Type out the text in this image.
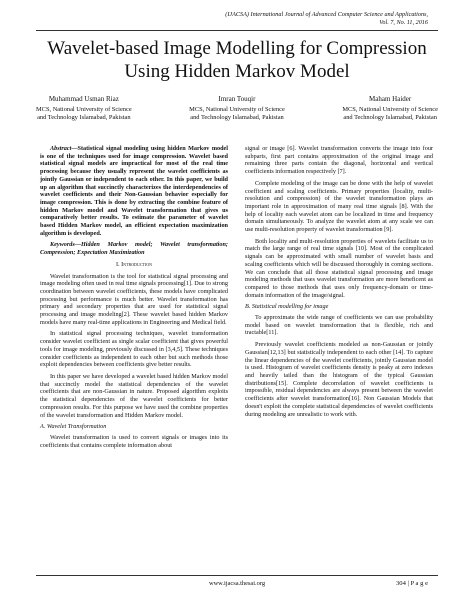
(IJACSA) International Journal of Advanced Computer Science and Applications,
Vol. 7, No. 11, 2016
Wavelet-based Image Modelling for Compression
Using Hidden Markov Model
Muhammad Usman Riaz
MCS, National University of Science
and Technology Islamabad, Pakistan
Imran Touqir
MCS, National University of Science
and Technology Islamabad, Pakistan
Maham Haider
MCS, National University of Science
and Technology Islamabad, Pakistan

Abstract—Statistical signal modeling using hidden Markov model is one of the techniques used for image compression. Wavelet based statistical signal models are impractical for most of the real time processing because they usually represent the wavelet coefficients as jointly Gaussian or independent to each other. In this paper, we build up an algorithm that succinctly characterizes the interdependencies of wavelet coefficients and their Non-Gaussian behavior especially for image compression. This is done by extracting the combine feature of hidden Markov model and Wavelet transformation that gives us comparatively better results. To estimate the parameter of wavelet based Hidden Markov model, an efficient expectation maximization algorithm is developed.

Keywords—Hidden Markov model; Wavelet transformation; Compression; Expectation Maximization

I. Introduction

Wavelet transformation is the tool for statistical signal processing and image modeling often used in real time signals processing[1]. Due to strong coordination between wavelet coefficients, these models have complicated processing but performance is much better. Wavelet transformation has primary and secondary properties that are used for statistical signal processing and image modeling[2]. These wavelet based hidden Markov models have many real-time applications in Engineering and Medical field.

In statistical signal processing techniques, wavelet transformation consider wavelet coefficient as single scalar coefficient that gives powerful tools for image modeling, previously discussed in [3,4,5]. These techniques consider coefficients as independent to each other but such methods those exploit dependencies between coefficients give better results.

In this paper we have developed a wavelet based hidden Markov model that succinctly model the statistical dependencies of the wavelet coefficients that are non-Gaussian in nature. Proposed algorithm exploits the statistical dependencies of the wavelet coefficients for better compression results. For this purpose we have used the combine properties of the wavelet transformation and Hidden Markov model.

A. Wavelet Transformation

Wavelet transformation is used to convert signals or images into its coefficients that contains complete information about

signal or image [6]. Wavelet transformation converts the image into four subparts, first part contains approximation of the original image and remaining three parts contain the diagonal, horizontal and vertical coefficients information respectively [7].

Complete modeling of the image can be done with the help of wavelet coefficient and scaling coefficients. Primary properties (locality, multi-resolution and compression) of the wavelet transformation plays an important role in approximation of many real time signals [8]. With the help of locality each wavelet atom can be localized in time and frequency domain simultaneously. To analyze the wavelet atom at any scale we can use multi-resolution property of wavelet transformation [9].

Both locality and multi-resolution properties of wavelets facilitate us to match the large range of real time signals [10]. Most of the complicated signals can be approximated with small number of wavelet basis and scaling coefficients which will be discussed thoroughly in coming sections. We can conclude that all those statistical signal processing and image modeling methods that uses wavelet transformation are more beneficent as compared to those methods that uses only frequency-domain or time-domain information of the image/signal.

B. Statistical modelling for image

To approximate the wide range of coefficients we can use probability model based on wavelet transformation that is flexible, rich and tractable[11].

Previously wavelet coefficients modeled as non-Gaussian or jointly Gaussian[12,13] but statistically independent to each other [14]. To capture the linear dependencies of the wavelet coefficients, jointly Gaussian model is used. Histogram of wavelet coefficients density is peaky at zero indexes and heavily tailed than the histogram of the typical Gaussian distributions[15]. Complete decorrelation of wavelet coefficients is impossible, residual dependencies are always present between the wavelet coefficients after wavelet transformation[16]. Non Gaussian Models that doesn't exploit the complete statistical dependencies of wavelet coefficients during modeling are unrealistic to work with.

www.ijacsa.thesai.org	304 | P a g e
